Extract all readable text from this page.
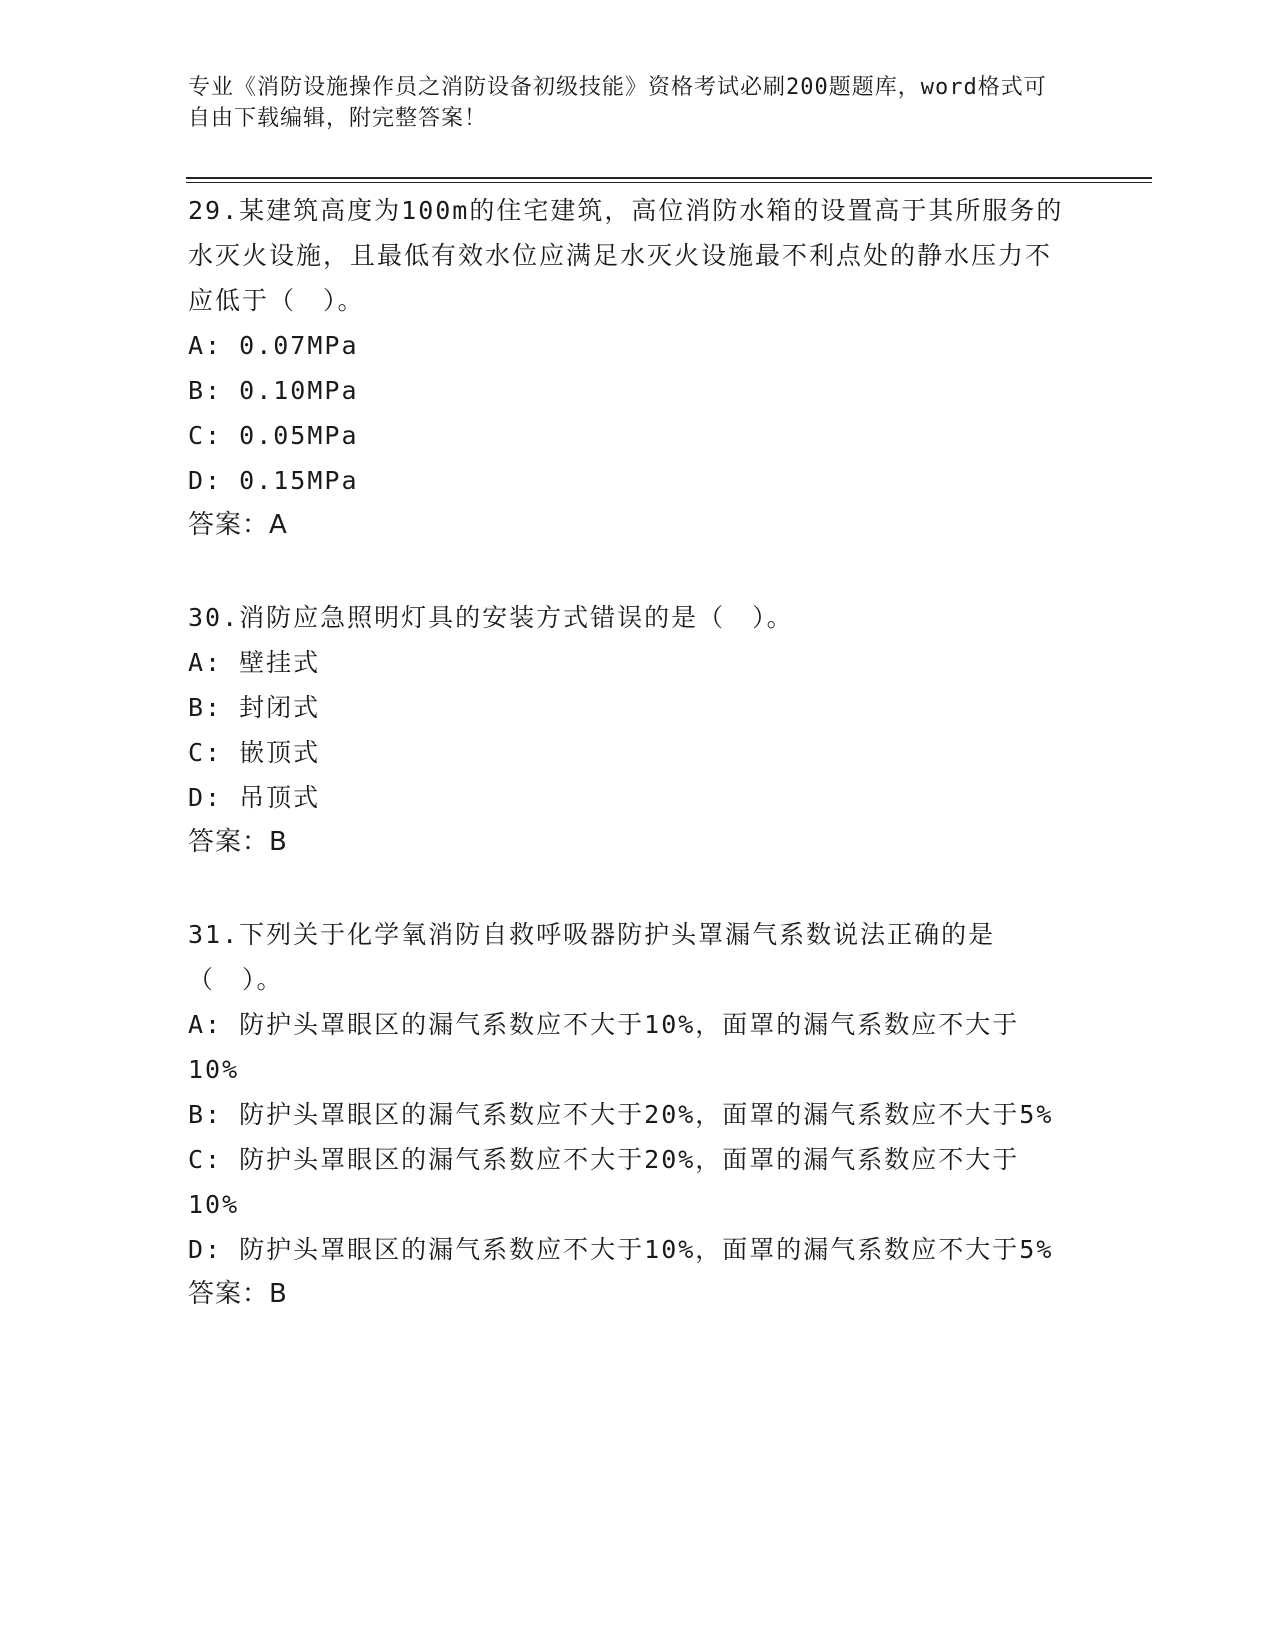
专业《消防设施操作员之消防设备初级技能》资格考试必刷200题题库，word格式可自由下载编辑，附完整答案！

29.某建筑高度为100m的住宅建筑，高位消防水箱的设置高于其所服务的水灭火设施，且最低有效水位应满足水灭火设施最不利点处的静水压力不应低于（　）。

A: 0.07MPa

B: 0.10MPa

C: 0.05MPa

D: 0.15MPa

答案：A

30.消防应急照明灯具的安装方式错误的是（　）。

A: 壁挂式

B: 封闭式

C: 嵌顶式

D: 吊顶式

答案：B

31.下列关于化学氧消防自救呼吸器防护头罩漏气系数说法正确的是（　）。

A: 防护头罩眼区的漏气系数应不大于10%，面罩的漏气系数应不大于10%

B: 防护头罩眼区的漏气系数应不大于20%，面罩的漏气系数应不大于5%

C: 防护头罩眼区的漏气系数应不大于20%，面罩的漏气系数应不大于10%

D: 防护头罩眼区的漏气系数应不大于10%，面罩的漏气系数应不大于5%

答案：B
